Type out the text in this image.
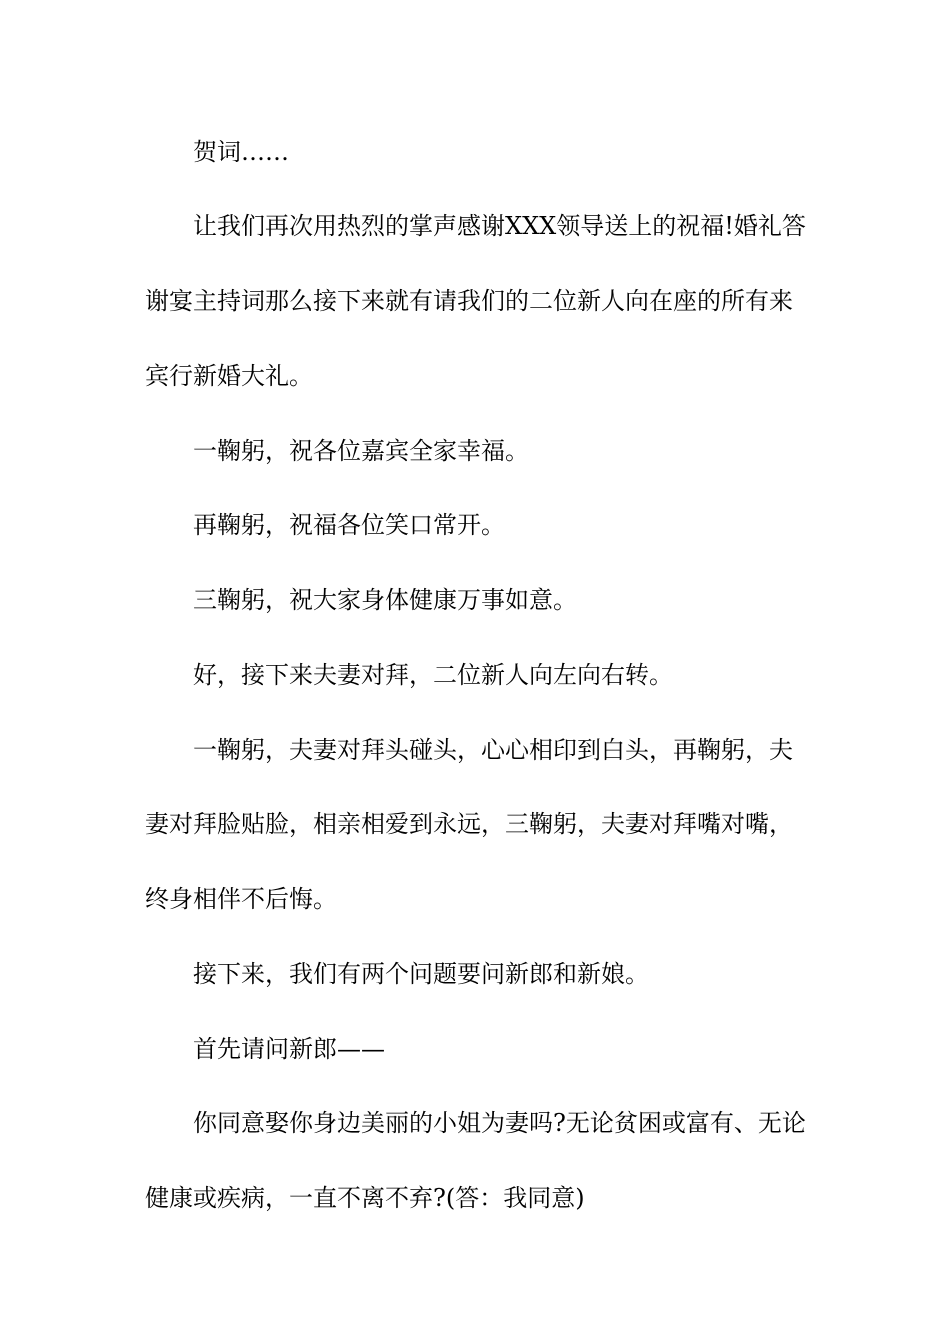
贺词……
让我们再次用热烈的掌声感谢XXX领导送上的祝福!婚礼答
谢宴主持词那么接下来就有请我们的二位新人向在座的所有来
宾行新婚大礼。
一鞠躬，祝各位嘉宾全家幸福。
再鞠躬，祝福各位笑口常开。
三鞠躬，祝大家身体健康万事如意。
好，接下来夫妻对拜，二位新人向左向右转。
一鞠躬，夫妻对拜头碰头，心心相印到白头，再鞠躬，夫
妻对拜脸贴脸，相亲相爱到永远，三鞠躬，夫妻对拜嘴对嘴，
终身相伴不后悔。
接下来，我们有两个问题要问新郎和新娘。
首先请问新郎——
你同意娶你身边美丽的小姐为妻吗?无论贫困或富有、无论
健康或疾病，一直不离不弃?(答：我同意)
